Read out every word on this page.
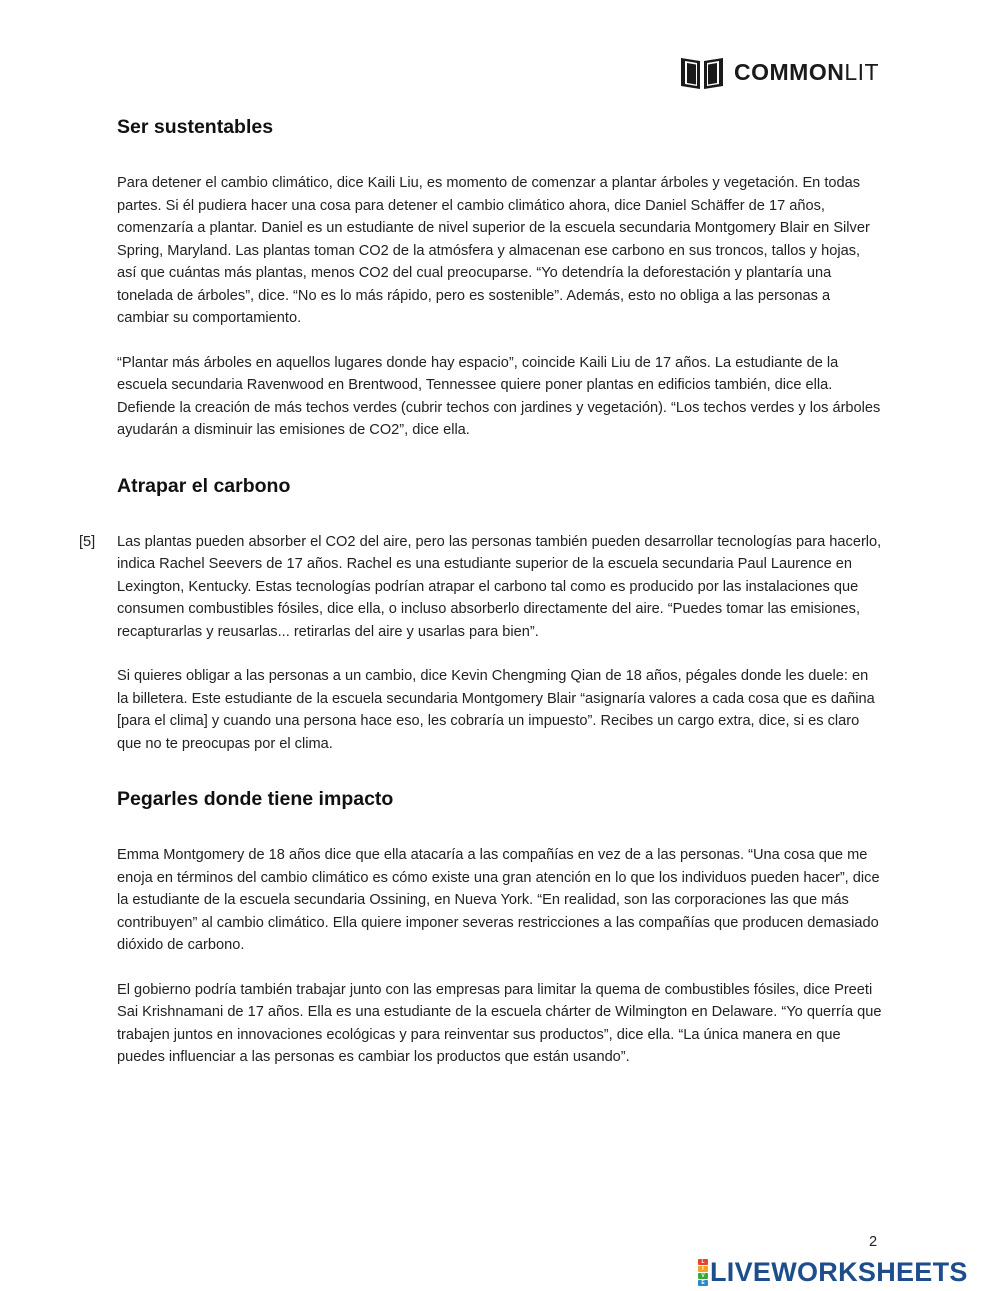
COMMONLIT
Ser sustentables

Para detener el cambio climático, dice Kaili Liu, es momento de comenzar a plantar árboles y vegetación. En todas partes. Si él pudiera hacer una cosa para detener el cambio climático ahora, dice Daniel Schäffer de 17 años, comenzaría a plantar. Daniel es un estudiante de nivel superior de la escuela secundaria Montgomery Blair en Silver Spring, Maryland. Las plantas toman CO2 de la atmósfera y almacenan ese carbono en sus troncos, tallos y hojas, así que cuántas más plantas, menos CO2 del cual preocuparse. “Yo detendría la deforestación y plantaría una tonelada de árboles”, dice. “No es lo más rápido, pero es sostenible”. Además, esto no obliga a las personas a cambiar su comportamiento.

“Plantar más árboles en aquellos lugares donde hay espacio”, coincide Kaili Liu de 17 años. La estudiante de la escuela secundaria Ravenwood en Brentwood, Tennessee quiere poner plantas en edificios también, dice ella. Defiende la creación de más techos verdes (cubrir techos con jardines y vegetación). “Los techos verdes y los árboles ayudarán a disminuir las emisiones de CO2”, dice ella.

Atrapar el carbono
[5] Las plantas pueden absorber el CO2 del aire, pero las personas también pueden desarrollar tecnologías para hacerlo, indica Rachel Seevers de 17 años. Rachel es una estudiante superior de la escuela secundaria Paul Laurence en Lexington, Kentucky. Estas tecnologías podrían atrapar el carbono tal como es producido por las instalaciones que consumen combustibles fósiles, dice ella, o incluso absorberlo directamente del aire. “Puedes tomar las emisiones, recapturarlas y reusarlas... retirarlas del aire y usarlas para bien”.

Si quieres obligar a las personas a un cambio, dice Kevin Chengming Qian de 18 años, pégales donde les duele: en la billetera. Este estudiante de la escuela secundaria Montgomery Blair “asignaría valores a cada cosa que es dañina [para el clima] y cuando una persona hace eso, les cobraría un impuesto”. Recibes un cargo extra, dice, si es claro que no te preocupas por el clima.

Pegarles donde tiene impacto

Emma Montgomery de 18 años dice que ella atacaría a las compañías en vez de a las personas. “Una cosa que me enoja en términos del cambio climático es cómo existe una gran atención en lo que los individuos pueden hacer”, dice la estudiante de la escuela secundaria Ossining, en Nueva York. “En realidad, son las corporaciones las que más contribuyen” al cambio climático. Ella quiere imponer severas restricciones a las compañías que producen demasiado dióxido de carbono.

El gobierno podría también trabajar junto con las empresas para limitar la quema de combustibles fósiles, dice Preeti Sai Krishnamani de 17 años. Ella es una estudiante de la escuela chárter de Wilmington en Delaware. “Yo querría que trabajen juntos en innovaciones ecológicas y para reinventar sus productos”, dice ella. “La única manera en que puedes influenciar a las personas es cambiar los productos que están usando”.

2
L
I
V
E LIVEWORKSHEETS
